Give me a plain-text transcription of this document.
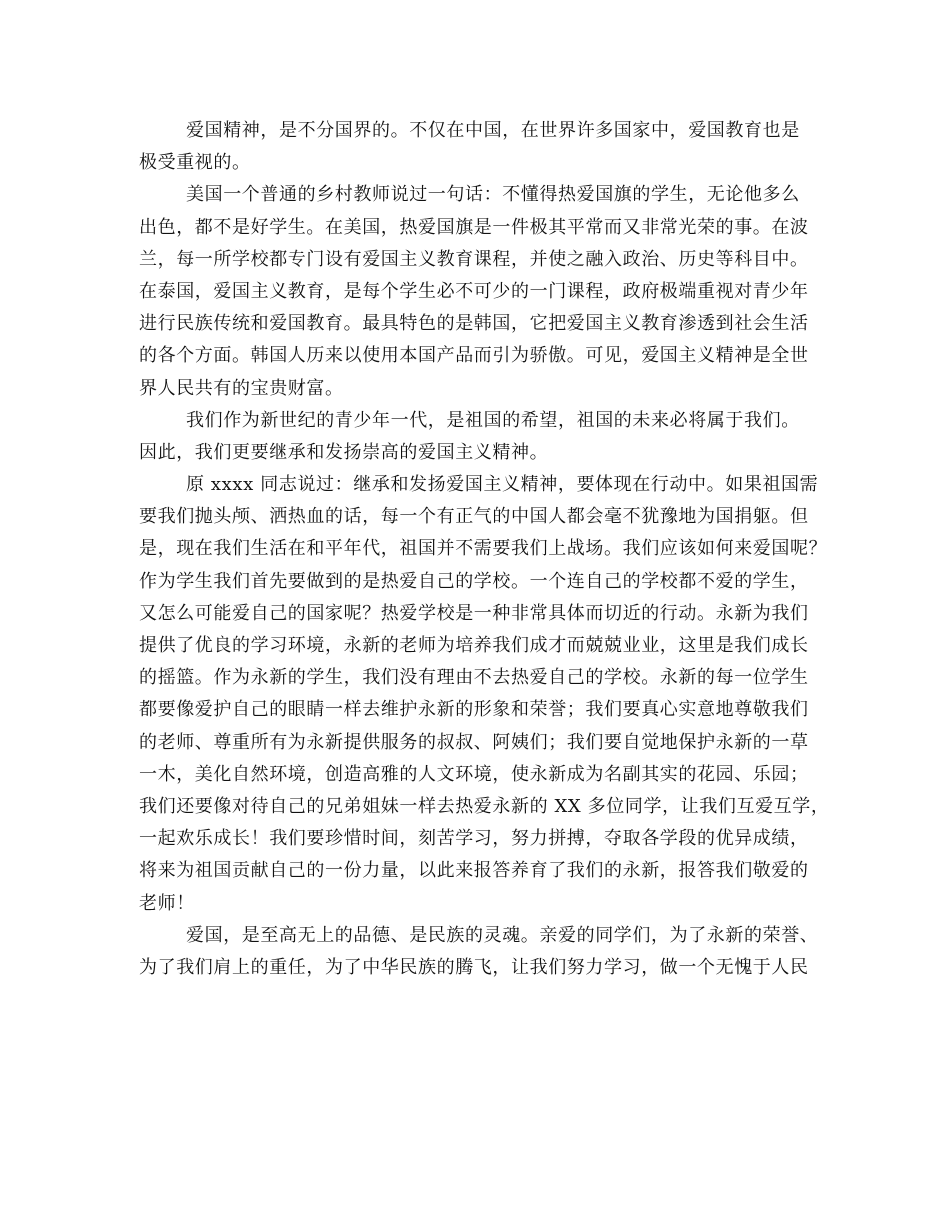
爱国精神，是不分国界的。不仅在中国，在世界许多国家中，爱国教育也是
极受重视的。
美国一个普通的乡村教师说过一句话：不懂得热爱国旗的学生，无论他多么
出色，都不是好学生。在美国，热爱国旗是一件极其平常而又非常光荣的事。在波
兰，每一所学校都专门设有爱国主义教育课程，并使之融入政治、历史等科目中。
在泰国，爱国主义教育，是每个学生必不可少的一门课程，政府极端重视对青少年
进行民族传统和爱国教育。最具特色的是韩国，它把爱国主义教育渗透到社会生活
的各个方面。韩国人历来以使用本国产品而引为骄傲。可见，爱国主义精神是全世
界人民共有的宝贵财富。
我们作为新世纪的青少年一代，是祖国的希望，祖国的未来必将属于我们。
因此，我们更要继承和发扬崇高的爱国主义精神。
原 xxxx 同志说过：继承和发扬爱国主义精神，要体现在行动中。如果祖国需
要我们抛头颅、洒热血的话，每一个有正气的中国人都会毫不犹豫地为国捐躯。但
是，现在我们生活在和平年代，祖国并不需要我们上战场。我们应该如何来爱国呢？
作为学生我们首先要做到的是热爱自己的学校。一个连自己的学校都不爱的学生，
又怎么可能爱自己的国家呢？热爱学校是一种非常具体而切近的行动。永新为我们
提供了优良的学习环境，永新的老师为培养我们成才而兢兢业业，这里是我们成长
的摇篮。作为永新的学生，我们没有理由不去热爱自己的学校。永新的每一位学生
都要像爱护自己的眼睛一样去维护永新的形象和荣誉；我们要真心实意地尊敬我们
的老师、尊重所有为永新提供服务的叔叔、阿姨们；我们要自觉地保护永新的一草
一木，美化自然环境，创造高雅的人文环境，使永新成为名副其实的花园、乐园；
我们还要像对待自己的兄弟姐妹一样去热爱永新的 XX 多位同学，让我们互爱互学，
一起欢乐成长！我们要珍惜时间，刻苦学习，努力拼搏，夺取各学段的优异成绩，
将来为祖国贡献自己的一份力量，以此来报答养育了我们的永新，报答我们敬爱的
老师！
爱国，是至高无上的品德、是民族的灵魂。亲爱的同学们，为了永新的荣誉、
为了我们肩上的重任，为了中华民族的腾飞，让我们努力学习，做一个无愧于人民
